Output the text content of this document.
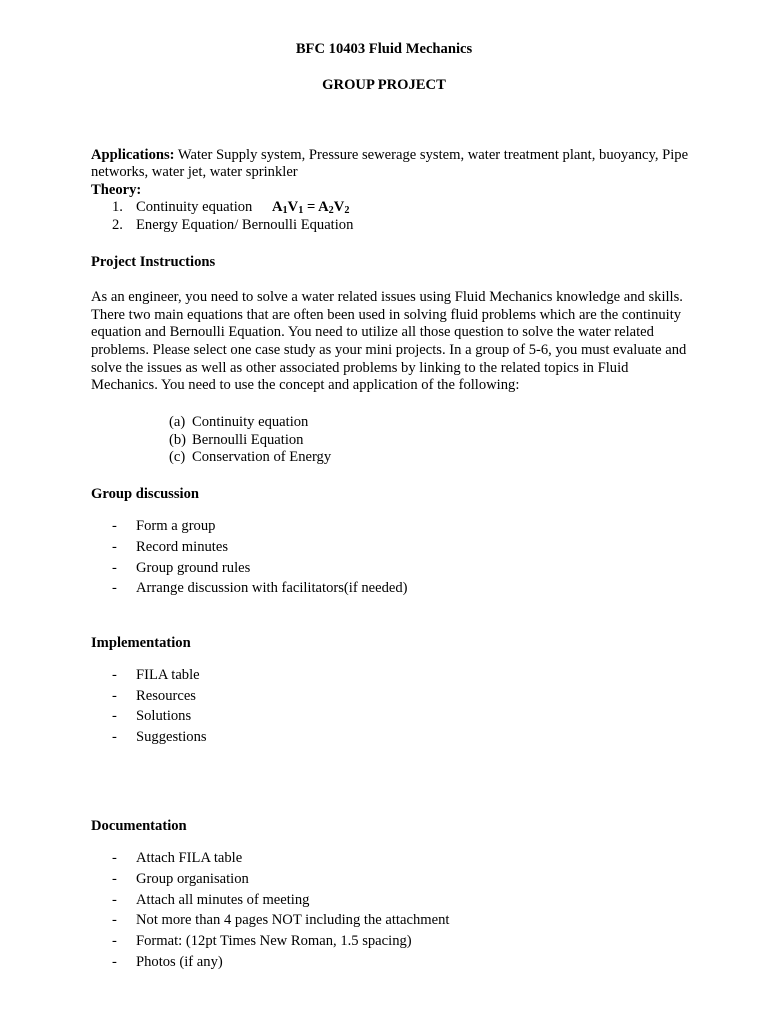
BFC 10403 Fluid Mechanics
GROUP PROJECT
Applications: Water Supply system, Pressure sewerage system, water treatment plant, buoyancy, Pipe
networks, water jet, water sprinkler
Theory:
1. Continuity equation $A_1V_1 = A_2V_2$
2. Energy Equation/ Bernoulli Equation
Project Instructions
As an engineer, you need to solve a water related issues using Fluid Mechanics knowledge and skills.
There two main equations that are often been used in solving fluid problems which are the continuity
equation and Bernoulli Equation. You need to utilize all those question to solve the water related
problems. Please select one case study as your mini projects. In a group of 5-6, you must evaluate and
solve the issues as well as other associated problems by linking to the related topics in Fluid
Mechanics. You need to use the concept and application of the following:
(a) Continuity equation
(b) Bernoulli Equation
(c) Conservation of Energy
Group discussion
- Form a group
- Record minutes
- Group ground rules
- Arrange discussion with facilitators(if needed)
Implementation
- FILA table
- Resources
- Solutions
- Suggestions
Documentation
- Attach FILA table
- Group organisation
- Attach all minutes of meeting
- Not more than 4 pages NOT including the attachment
- Format: (12pt Times New Roman, 1.5 spacing)
- Photos (if any)
